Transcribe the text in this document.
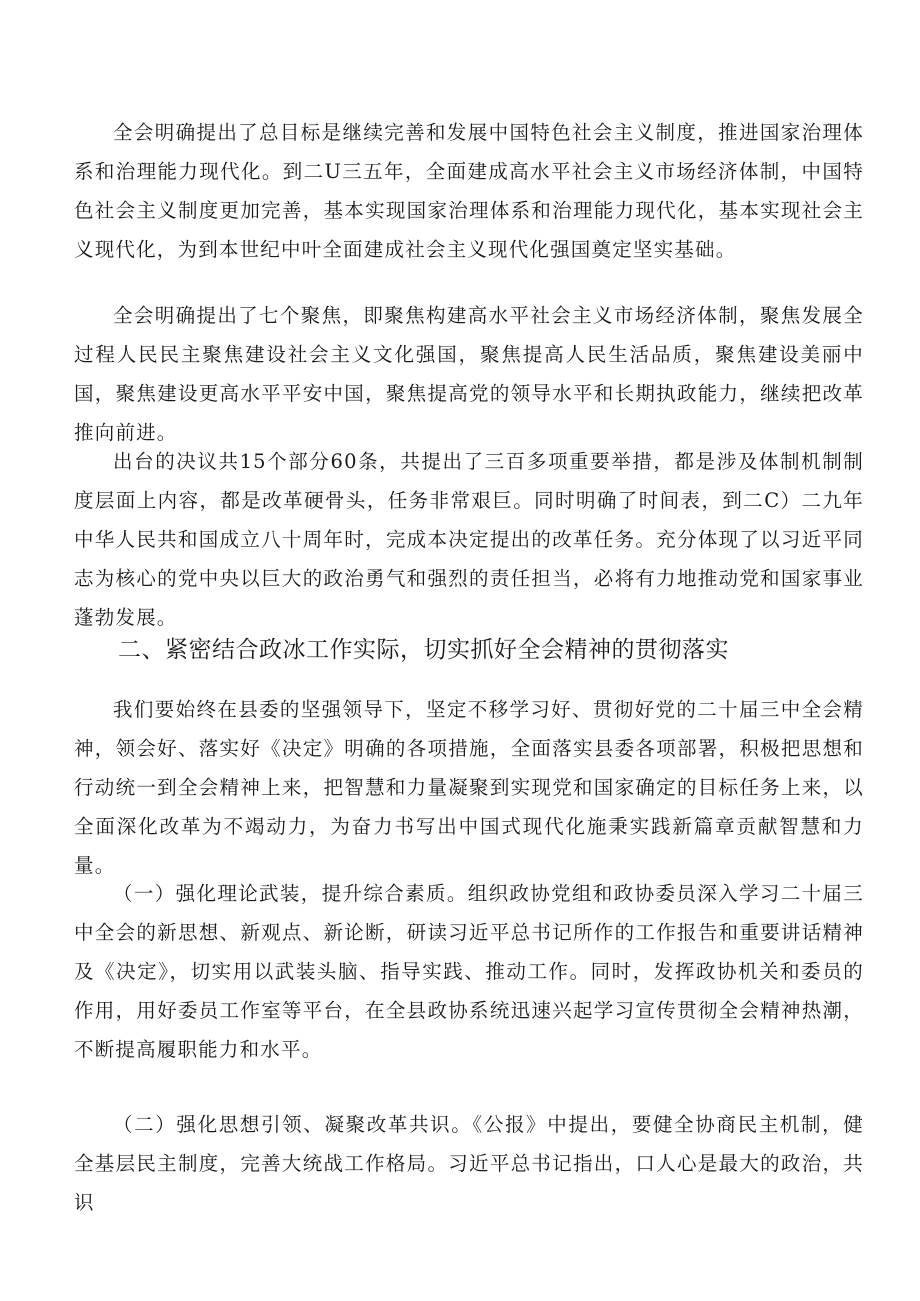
全会明确提出了总目标是继续完善和发展中国特色社会主义制度，推进国家治理体系和治理能力现代化。到二U三五年，全面建成高水平社会主义市场经济体制，中国特色社会主义制度更加完善，基本实现国家治理体系和治理能力现代化，基本实现社会主义现代化，为到本世纪中叶全面建成社会主义现代化强国奠定坚实基础。

全会明确提出了七个聚焦，即聚焦构建高水平社会主义市场经济体制，聚焦发展全过程人民民主聚焦建设社会主义文化强国，聚焦提高人民生活品质，聚焦建设美丽中国，聚焦建设更高水平平安中国，聚焦提高党的领导水平和长期执政能力，继续把改革推向前进。

出台的决议共15个部分60条，共提出了三百多项重要举措，都是涉及体制机制制度层面上内容，都是改革硬骨头，任务非常艰巨。同时明确了时间表，到二C）二九年中华人民共和国成立八十周年时，完成本决定提出的改革任务。充分体现了以习近平同志为核心的党中央以巨大的政治勇气和强烈的责任担当，必将有力地推动党和国家事业蓬勃发展。

二、紧密结合政冰工作实际，切实抓好全会精神的贯彻落实

我们要始终在县委的坚强领导下，坚定不移学习好、贯彻好党的二十届三中全会精神，领会好、落实好《决定》明确的各项措施，全面落实县委各项部署，积极把思想和行动统一到全会精神上来，把智慧和力量凝聚到实现党和国家确定的目标任务上来，以全面深化改革为不竭动力，为奋力书写出中国式现代化施秉实践新篇章贡献智慧和力量。

（一）强化理论武装，提升综合素质。组织政协党组和政协委员深入学习二十届三中全会的新思想、新观点、新论断，研读习近平总书记所作的工作报告和重要讲话精神及《决定》，切实用以武装头脑、指导实践、推动工作。同时，发挥政协机关和委员的作用，用好委员工作室等平台，在全县政协系统迅速兴起学习宣传贯彻全会精神热潮，不断提高履职能力和水平。

（二）强化思想引领、凝聚改革共识。《公报》中提出，要健全协商民主机制，健全基层民主制度，完善大统战工作格局。习近平总书记指出，口人心是最大的政治，共识
